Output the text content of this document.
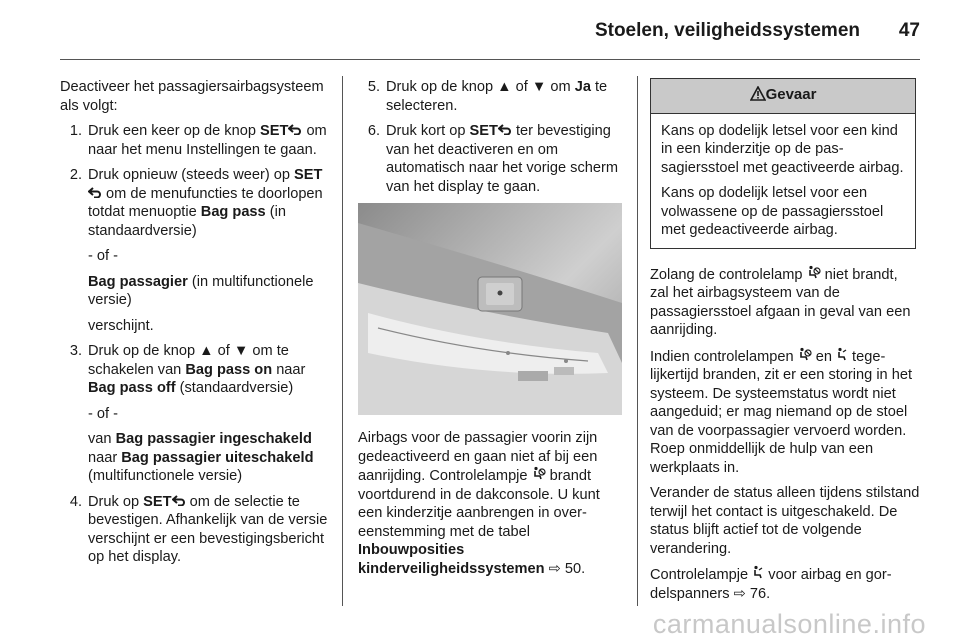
Stoelen, veiligheidssystemen 47

Deactiveer het passagiersairbagsysteem als volgt:

1. Druk een keer op de knop SET om naar het menu Instellingen te gaan.
2. Druk opnieuw (steeds weer) op SET om de menufuncties te doorlopen totdat menuoptie Bag pass (in standaardversie)

- of -

Bag passagier (in multifunctionele versie)

verschijnt.

3. Druk op de knop ▲ of ▼ om te schakelen van Bag pass on naar Bag pass off (standaardversie)

- of -

van Bag passagier ingeschakeld naar Bag passagier uiteschakeld (multifunctionele versie)

4. Druk op SET om de selectie te bevestigen. Afhankelijk van de versie verschijnt er een bevestigingsbericht op het display.
5. Druk op de knop ▲ of ▼ om Ja te selecteren.
6. Druk kort op SET ter bevestiging van het deactiveren en om automatisch naar het vorige scherm van het display te gaan.

Airbags voor de passagier voorin zijn gedeactiveerd en gaan niet af bij een aanrijding. Controlelampje  brandt voortdurend in de dakconsole. U kunt een kinderzitje aanbrengen in overeenstemming met de tabel Inbouwposities kinderveiligheidssystemen ⇨ 50.

Gevaar

Kans op dodelijk letsel voor een kind in een kinderzitje op de passagiersstoel met geactiveerde airbag.

Kans op dodelijk letsel voor een volwassene op de passagiersstoel met gedeactiveerde airbag.

Zolang de controlelamp  niet brandt, zal het airbagsysteem van de passagiersstoel afgaan in geval van een aanrijding.

Indien controlelampen  en  tegelijkertijd branden, zit er een storing in het systeem. De systeemstatus wordt niet aangeduid; er mag niemand op de stoel van de voorpassagier vervoerd worden. Roep onmiddellijk de hulp van een werkplaats in.

Verander de status alleen tijdens stilstand terwijl het contact is uitgeschakeld. De status blijft actief tot de volgende verandering.

Controlelampje  voor airbag en gordelspanners ⇨ 76.

carmanualsonline.info
